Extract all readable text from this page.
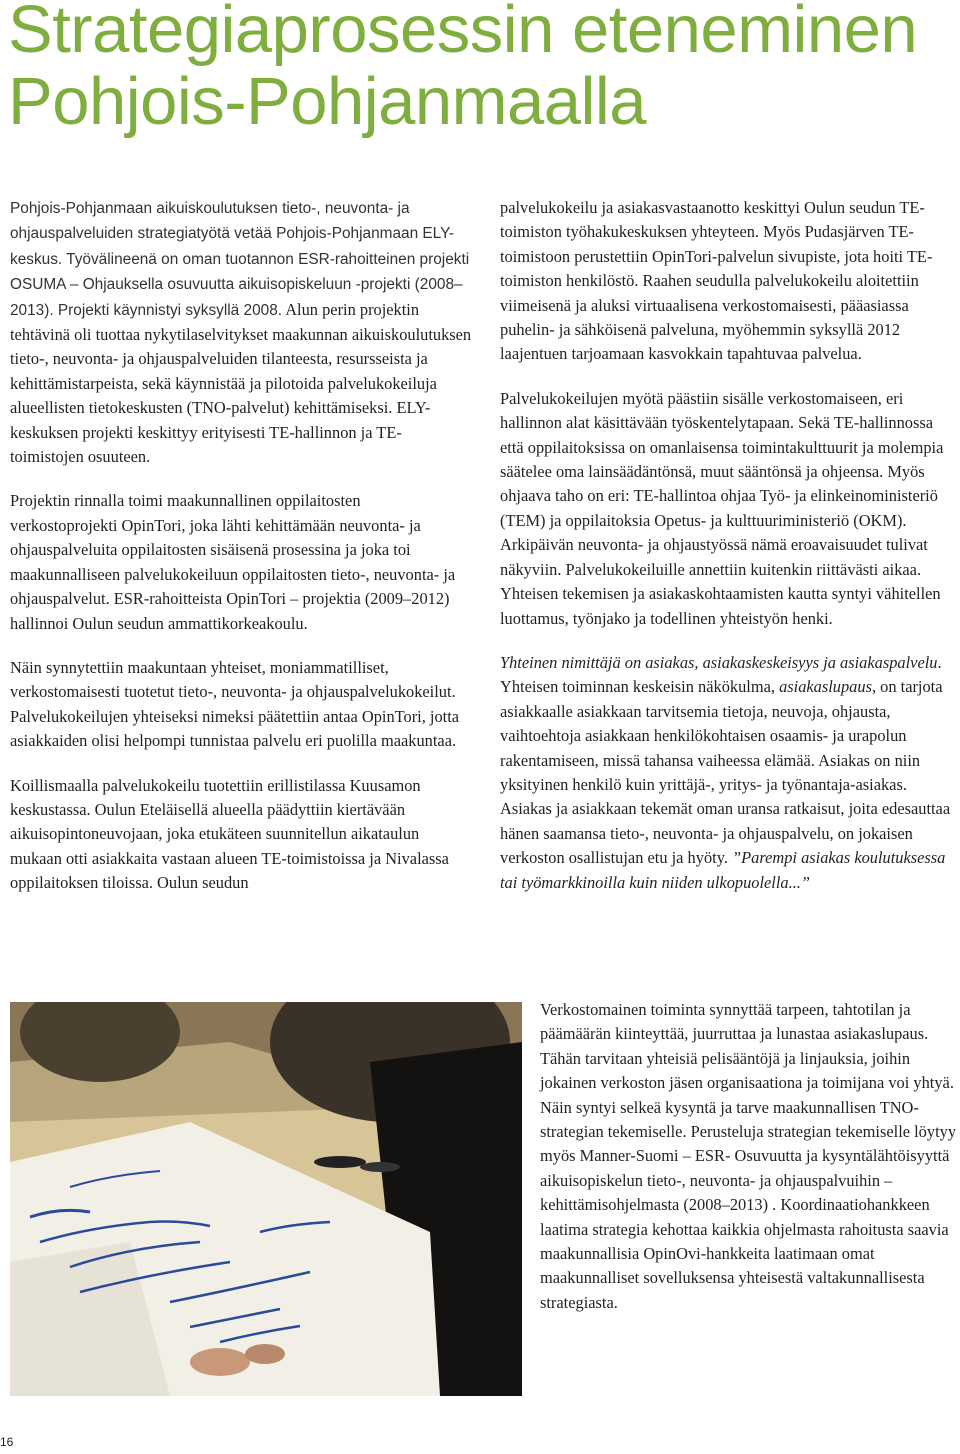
Strategiaprosessin eteneminen
Pohjois-Pohjanmaalla

Pohjois-Pohjanmaan aikuiskoulutuksen tieto-, neuvonta- ja ohjauspalveluiden strategiatyötä vetää Pohjois-Pohjanmaan ELY-keskus. Työvälineenä on oman tuotannon ESR-rahoitteinen projekti OSUMA – Ohjauksella osuvuutta aikuisopiskeluun -projekti (2008–2013). Projekti käynnistyi syksyllä 2008. Alun perin projektin tehtävinä oli tuottaa nykytilaselvitykset maakunnan aikuiskoulutuksen tieto-, neuvonta- ja ohjauspalveluiden tilanteesta, resursseista ja kehittämistarpeista, sekä käynnistää ja pilotoida palvelukokeiluja alueellisten tietokeskusten (TNO-palvelut) kehittämiseksi. ELY-keskuksen projekti keskittyy erityisesti TE-hallinnon ja TE-toimistojen osuuteen.

Projektin rinnalla toimi maakunnallinen oppilaitosten verkostoprojekti OpinTori, joka lähti kehittämään neuvonta- ja ohjauspalveluita oppilaitosten sisäisenä prosessina ja joka toi maakunnalliseen palvelukokeiluun oppilaitosten tieto-, neuvonta- ja ohjauspalvelut. ESR-rahoitteista OpinTori – projektia (2009–2012) hallinnoi Oulun seudun ammattikorkeakoulu.

Näin synnytettiin maakuntaan yhteiset, moniammatilliset, verkostomaisesti tuotetut tieto-, neuvonta- ja ohjauspalvelukokeilut. Palvelukokeilujen yhteiseksi nimeksi päätettiin antaa OpinTori, jotta asiakkaiden olisi helpompi tunnistaa palvelu eri puolilla maakuntaa.

Koillismaalla palvelukokeilu tuotettiin erillistilassa Kuusamon keskustassa. Oulun Eteläisellä alueella päädyttiin kiertävään aikuisopintoneuvojaan, joka etukäteen suunnitellun aikataulun mukaan otti asiakkaita vastaan alueen TE-toimistoissa ja Nivalassa oppilaitoksen tiloissa. Oulun seudun

palvelukokeilu ja asiakasvastaanotto keskittyi Oulun seudun TE-toimiston työhakukeskuksen yhteyteen. Myös Pudasjärven TE-toimistoon perustettiin OpinTori-palvelun sivupiste, jota hoiti TE-toimiston henkilöstö. Raahen seudulla palvelukokeilu aloitettiin viimeisenä ja aluksi virtuaalisena verkostomaisesti, pääasiassa puhelin- ja sähköisenä palveluna, myöhemmin syksyllä 2012 laajentuen tarjoamaan kasvokkain tapahtuvaa palvelua.

Palvelukokeilujen myötä päästiin sisälle verkostomaiseen, eri hallinnon alat käsittävään työskentelytapaan. Sekä TE-hallinnossa että oppilaitoksissa on omanlaisensa toimintakulttuurit ja molempia säätelee oma lainsäädäntönsä, muut sääntönsä ja ohjeensa. Myös ohjaava taho on eri: TE-hallintoa ohjaa Työ- ja elinkeinoministeriö (TEM) ja oppilaitoksia Opetus- ja kulttuuriministeriö (OKM). Arkipäivän neuvonta- ja ohjaustyössä nämä eroavaisuudet tulivat näkyviin. Palvelukokeiluille annettiin kuitenkin riittävästi aikaa. Yhteisen tekemisen ja asiakaskohtaamisten kautta syntyi vähitellen luottamus, työnjako ja todellinen yhteistyön henki.

Yhteinen nimittäjä on asiakas, asiakaskeskeisyys ja asiakaspalvelu. Yhteisen toiminnan keskeisin näkökulma, asiakaslupaus, on tarjota asiakkaalle asiakkaan tarvitsemia tietoja, neuvoja, ohjausta, vaihtoehtoja asiakkaan henkilökohtaisen osaamis- ja urapolun rakentamiseen, missä tahansa vaiheessa elämää. Asiakas on niin yksityinen henkilö kuin yrittäjä-, yritys- ja työnantaja-asiakas. Asiakas ja asiakkaan tekemät oman uransa ratkaisut, joita edesauttaa hänen saamansa tieto-, neuvonta- ja ohjauspalvelu, on jokaisen verkoston osallistujan etu ja hyöty. ”Parempi asiakas koulutuksessa tai työmarkkinoilla kuin niiden ulkopuolella...”

Verkostomainen toiminta synnyttää tarpeen, tahtotilan ja päämäärän kiinteyttää, juurruttaa ja lunastaa asiakaslupaus. Tähän tarvitaan yhteisiä pelisääntöjä ja linjauksia, joihin jokainen verkoston jäsen organisaationa ja toimijana voi yhtyä. Näin syntyi selkeä kysyntä ja tarve maakunnallisen TNO-strategian tekemiselle. Perusteluja strategian tekemiselle löytyy myös Manner-Suomi – ESR- Osuvuutta ja kysyntälähtöisyyttä aikuisopiskelun tieto-, neuvonta- ja ohjauspalvuihin – kehittämisohjelmasta (2008–2013) . Koordinaatiohankkeen laatima strategia kehottaa kaikkia ohjelmasta rahoitusta saavia maakunnallisia OpinOvi-hankkeita laatimaan omat maakunnalliset sovelluksensa yhteisestä valtakunnallisesta strategiasta.

16
